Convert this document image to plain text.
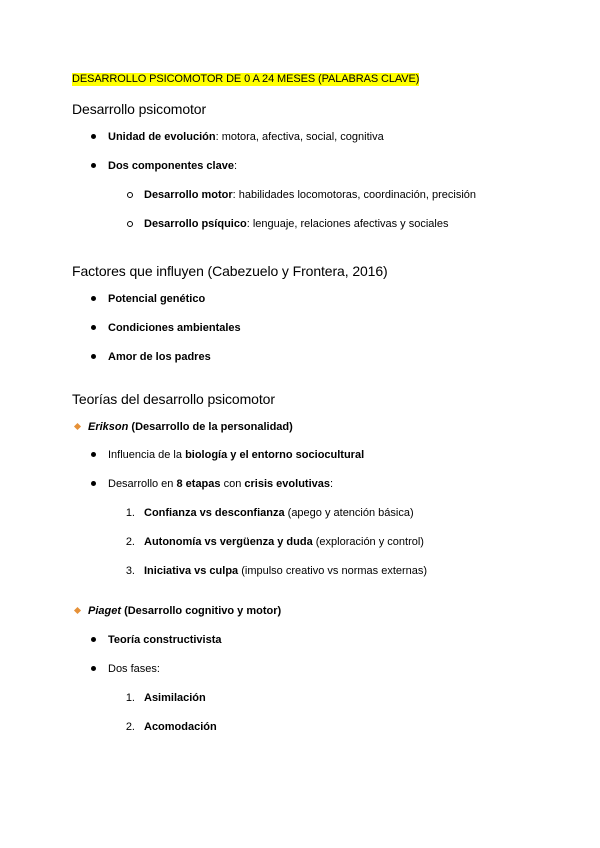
DESARROLLO PSICOMOTOR DE 0 A 24 MESES (PALABRAS CLAVE)
Desarrollo psicomotor
Unidad de evolución: motora, afectiva, social, cognitiva
Dos componentes clave:
Desarrollo motor: habilidades locomotoras, coordinación, precisión
Desarrollo psíquico: lenguaje, relaciones afectivas y sociales
Factores que influyen (Cabezuelo y Frontera, 2016)
Potencial genético
Condiciones ambientales
Amor de los padres
Teorías del desarrollo psicomotor
Erikson (Desarrollo de la personalidad)
Influencia de la biología y el entorno sociocultural
Desarrollo en 8 etapas con crisis evolutivas:
1. Confianza vs desconfianza (apego y atención básica)
2. Autonomía vs vergüenza y duda (exploración y control)
3. Iniciativa vs culpa (impulso creativo vs normas externas)
Piaget (Desarrollo cognitivo y motor)
Teoría constructivista
Dos fases:
1. Asimilación
2. Acomodación
